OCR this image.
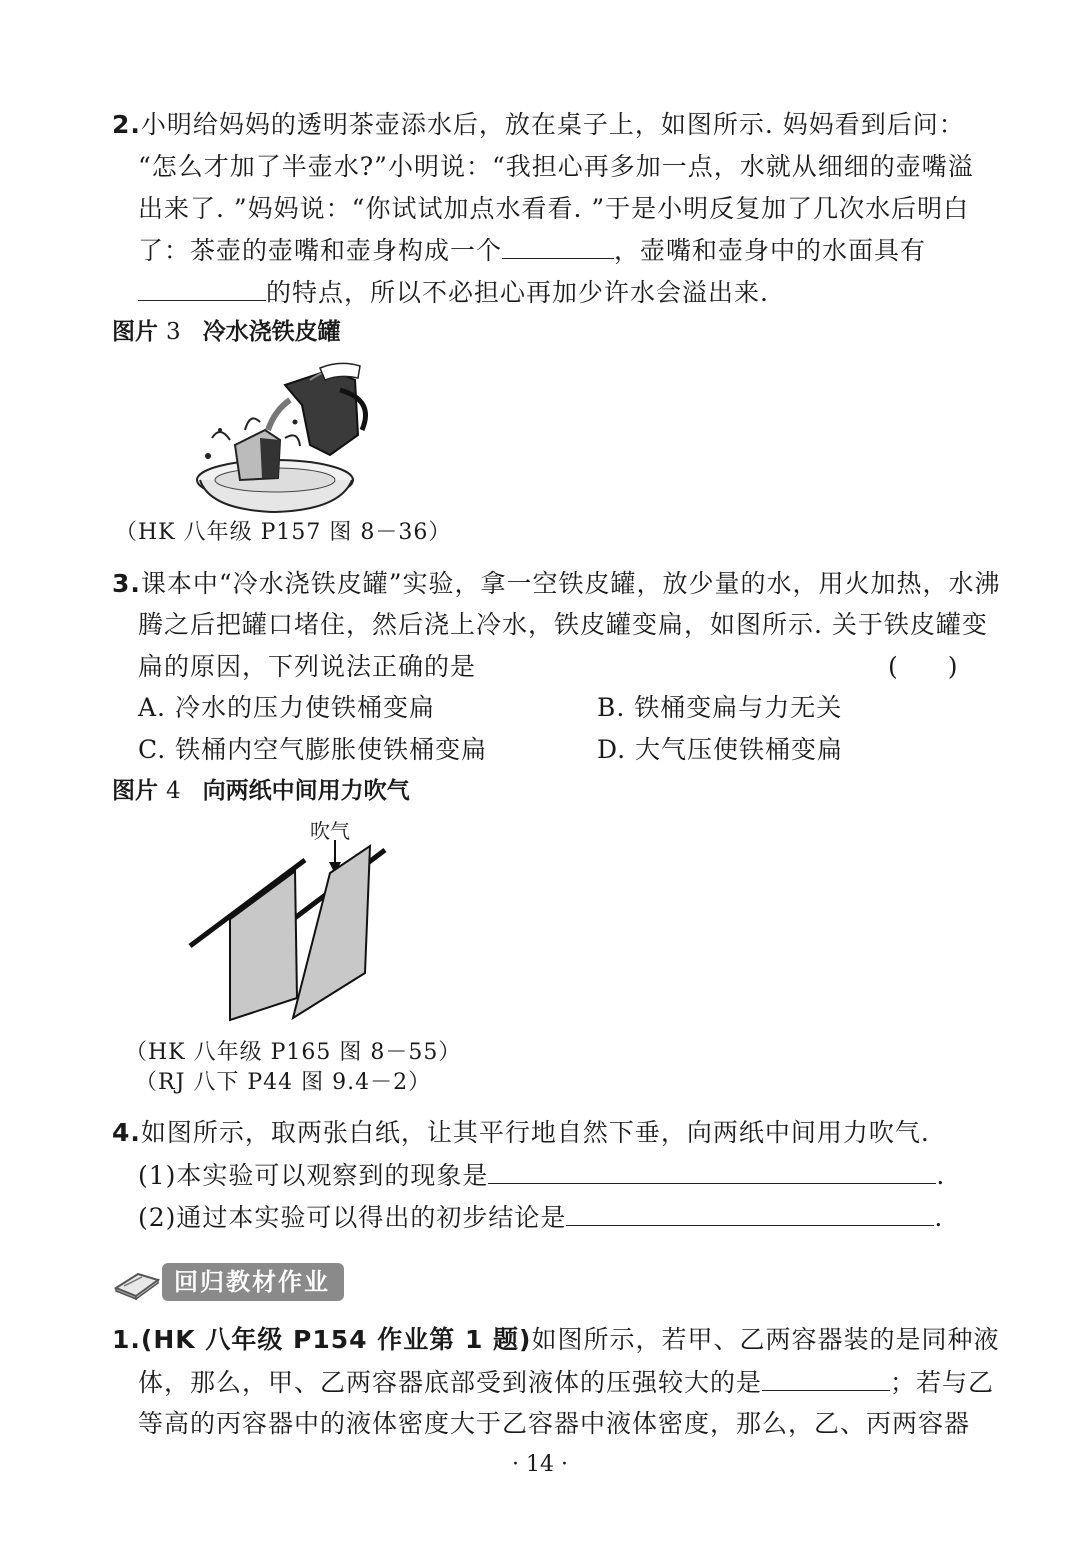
2.小明给妈妈的透明茶壶添水后，放在桌子上，如图所示. 妈妈看到后问：
“怎么才加了半壶水?”小明说：“我担心再多加一点，水就从细细的壶嘴溢
出来了. ”妈妈说：“你试试加点水看看. ”于是小明反复加了几次水后明白
了：茶壶的壶嘴和壶身构成一个	，壶嘴和壶身中的水面具有
的特点，所以不必担心再加少许水会溢出来.
图片 3 冷水浇铁皮罐
（HK 八年级 P157 图 8－36）
3.课本中“冷水浇铁皮罐”实验，拿一空铁皮罐，放少量的水，用火加热，水沸
腾之后把罐口堵住，然后浇上冷水，铁皮罐变扁，如图所示. 关于铁皮罐变
扁的原因，下列说法正确的是	(　　)
A. 冷水的压力使铁桶变扁	B. 铁桶变扁与力无关
C. 铁桶内空气膨胀使铁桶变扁	D. 大气压使铁桶变扁
图片 4 向两纸中间用力吹气
吹气
（HK 八年级 P165 图 8－55）
（RJ 八下 P44 图 9.4－2）
4.如图所示，取两张白纸，让其平行地自然下垂，向两纸中间用力吹气.
(1)本实验可以观察到的现象是	.
(2)通过本实验可以得出的初步结论是	.
回归教材作业
1.(HK 八年级 P154 作业第 1 题)如图所示，若甲、乙两容器装的是同种液
体，那么，甲、乙两容器底部受到液体的压强较大的是	；若与乙
等高的丙容器中的液体密度大于乙容器中液体密度，那么，乙、丙两容器
· 14 ·
